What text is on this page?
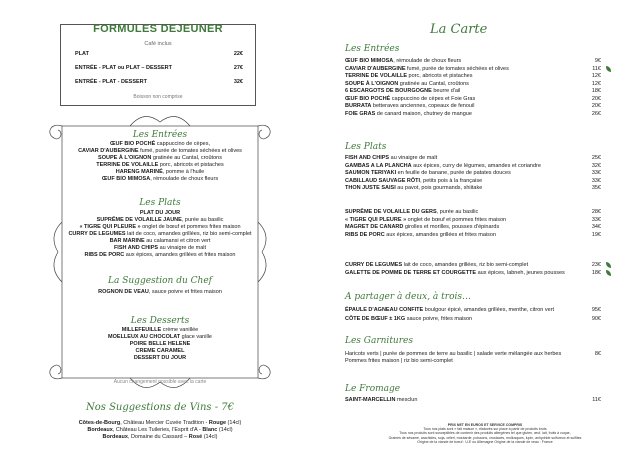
FORMULES DEJEUNER
Café inclus
PLAT	22€
ENTRÉE - PLAT ou PLAT – DESSERT	27€
ENTRÉE - PLAT - DESSERT	32€
Boisson non comprise
Les Entrées
ŒUF BIO POCHÉ cappuccino de cèpes,
CAVIAR D'AUBERGINE fumé, purée de tomates séchées et olives
SOUPE À L'OIGNON gratinée au Cantal, croûtons
TERRINE DE VOLAILLE porc, abricots et pistaches
HARENG MARINÉ, pomme à l'huile
ŒUF BIO MIMOSA, rémoulade de choux fleurs
Les Plats
PLAT DU JOUR
SUPRÊME DE VOLAILLE JAUNE, purée au basilic
« TIGRE QUI PLEURE » onglet de bœuf et pommes frites maison
CURRY DE LEGUMES lait de coco, amandes grillées, riz bio semi-complet
BAR MARINE au calamansi et citron vert
FISH AND CHIPS au vinaigre de malt
RIBS DE PORC aux épices, amandes grillées et frites maison
La Suggestion du Chef
ROGNON DE VEAU, sauce poivre et frites maison
Les Desserts
MILLEFEUILLE crème vanillée
MOELLEUX AU CHOCOLAT glace vanille
POIRE BELLE HELENE
CREME CARAMEL
DESSERT DU JOUR
Aucun changement possible avec la carte
Nos Suggestions de Vins - 7€
Côtes-de-Bourg, Château Mercier Cuvée Tradition - Rouge (14cl)
Bordeaux, Château Les Tuileries, l'Esprit d'A - Blanc (14cl)
Bordeaux, Domaine du Cassard – Rosé (14cl)
La Carte
Les Entrées
Les Plats
A partager à deux, à trois…
Les Garnitures
Haricots verts | purée de pommes de terre au basilic | salade verte mélangée aux herbes	8€
Pommes frites maison | riz bio semi-complet
Le Fromage
SAINT-MARCELLIN mesclun	11€
PRIX NET EN EUROS ET SERVICE COMPRIS
Tous nos plats sont « fait maison », élaborés sur place à partir de produits bruts
Tous nos produits sont susceptibles de contenir des produits allergènes tel que gluten, œuf, lait, fruits à coque,
Graines de sésame, arachides, soja, céleri, moutarde, poissons, crustacés, mollusques, lupin, anhydride sulfureux et sulfites
Origine de la viande de bœuf : U.E ou Allemagne Origine de la viande de veau : France
ŒUF BIO MIMOSA, rémoulade de choux fleurs	9€
CAVIAR D'AUBERGINE fumé, purée de tomates séchées et olives	11€
TERRINE DE VOLAILLE porc, abricots et pistaches	12€
SOUPE À L'OIGNON gratinée au Cantal, croûtons	12€
6 ESCARGOTS DE BOURGOGNE beurre d'ail	18€
ŒUF BIO POCHÉ cappuccino de cèpes et Foie Gras	20€
BURRATA betteraves anciennes, copeaux de fenouil	20€
FOIE GRAS de canard maison, chutney de mangue	26€
FISH AND CHIPS au vinaigre de malt	25€
GAMBAS A LA PLANCHA aux épices, curry de légumes, amandes et coriandre	32€
SAUMON TERIYAKI en feuille de banane, purée de patates douces	33€
CABILLAUD SAUVAGE RÔTI, petits pois à la française	33€
THON JUSTE SAISI au pavot, pois gourmands, shiitake	35€
SUPRÊME DE VOLAILLE DU GERS, purée au basilic	28€
« TIGRE QUI PLEURE » onglet de bœuf et pommes frites maison	33€
MAGRET DE CANARD girolles et morilles, pousses d'épinards	34€
RIBS DE PORC aux épices, amandes grillées et frites maison	19€
CURRY DE LEGUMES lait de coco, amandes grillées, riz bio semi-complet	23€
GALETTE DE POMME DE TERRE ET COURGETTE aux épices, labneh, jeunes pousses	18€
ÉPAULE D'AGNEAU CONFITE boulgour épicé, amandes grillées, menthe, citron vert	95€
CÔTE DE BŒUF ± 1KG sauce poivre, frites maison	90€
